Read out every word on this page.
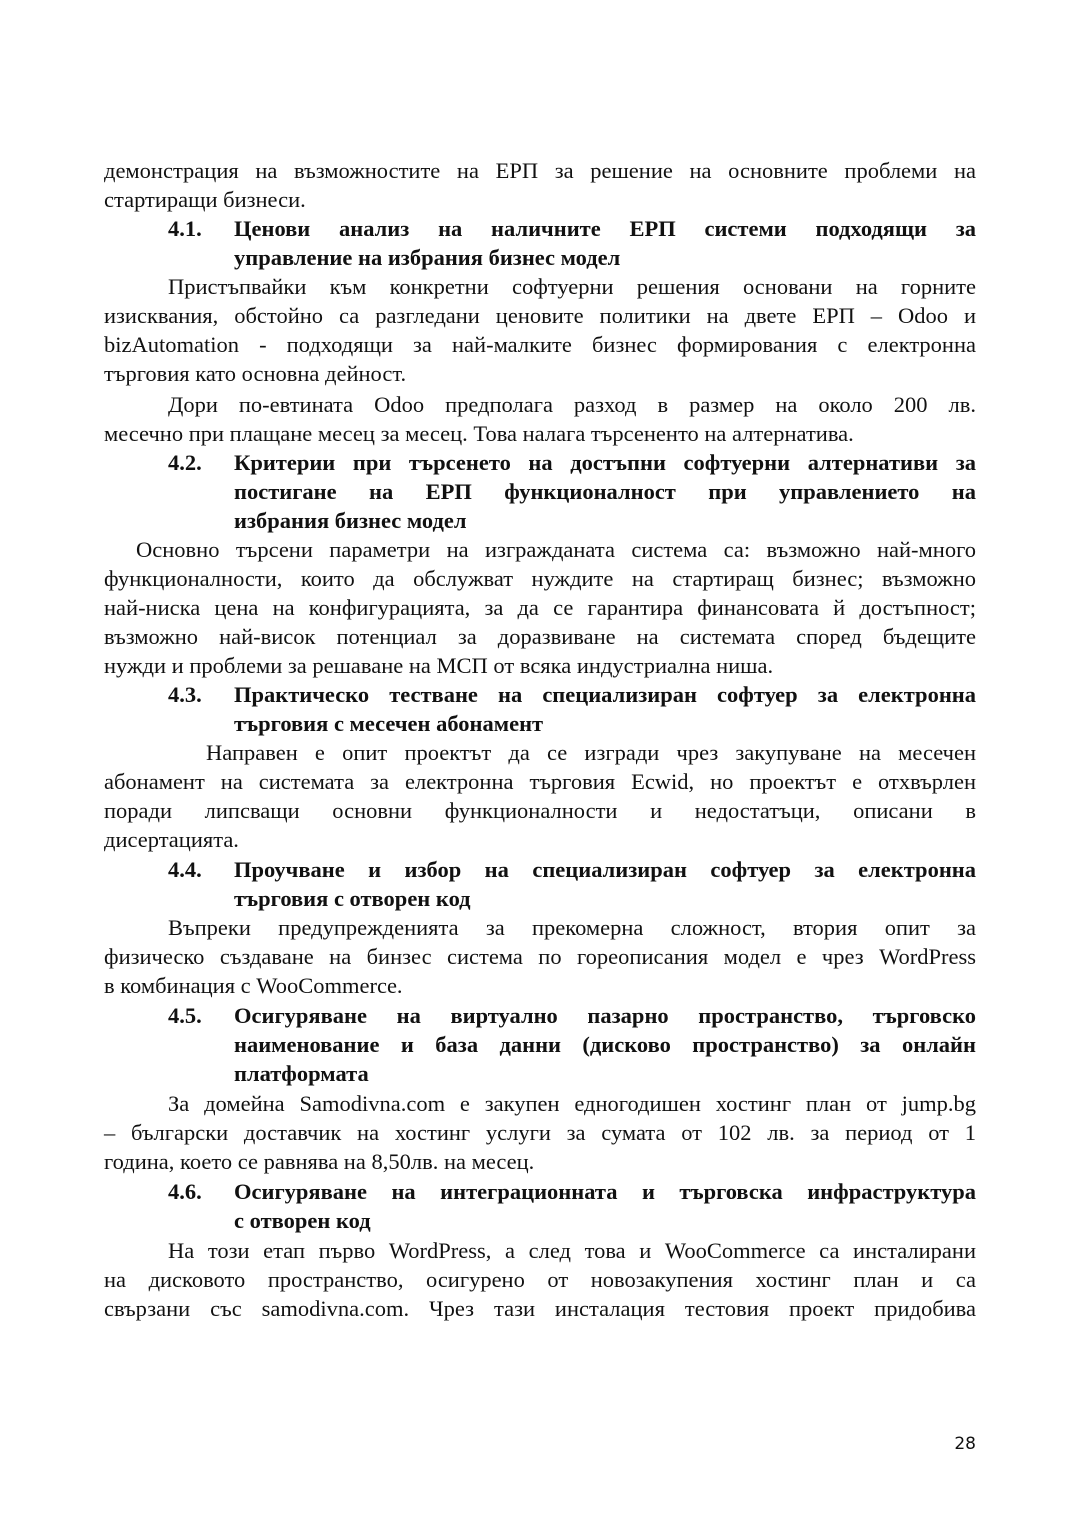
демонстрация на възможностите на ЕРП за решение на основните проблеми на
стартиращи бизнеси.
4.1.	Ценови анализ на наличните ЕРП системи подходящи за
управление на избрания бизнес модел
Пристъпвайки към конкретни софтуерни решения основани на горните
изисквания, обстойно са разгледани ценовите политики на двете ЕРП – Odoo и
bizAutomation - подходящи за най-малките бизнес формирования с електронна
търговия като основна дейност.
Дори по-евтината Odoo предполага разход в размер на около 200 лв.
месечно при плащане месец за месец. Това налага търсененто на алтернатива.
4.2.	Критерии при търсенето на достъпни софтуерни алтернативи за
постигане на ЕРП функционалност при управлението на
избрания бизнес модел
Основно търсени параметри на изгражданата система са: възможно най-много
функционалности, които да обслужват нуждите на стартиращ бизнес; възможно
най-ниска цена на конфигурацията, за да се гарантира финансовата й достъпност;
възможно най-висок потенциал за доразвиване на системата според бъдещите
нужди и проблеми за решаване на МСП от всяка индустриална ниша.
4.3.	Практическо тестване на специализиран софтуер за електронна
търговия с месечен абонамент
Направен е опит проектът да се изгради чрез закупуване на месечен
абонамент на системата за електронна търговия Ecwid, но проектът е отхвърлен
поради липсващи основни функционалности и недостатъци, описани в
дисертацията.
4.4.	Проучване и избор на специализиран софтуер за електронна
търговия с отворен код
Въпреки предупрежденията за прекомерна сложност, втория опит за
физическо създаване на бинзес система по гореописания модел е чрез WordPress
в комбинация с WooCommerce.
4.5.	Осигуряване на виртуално пазарно пространство, търговско
наименование и база данни (дисково пространство) за онлайн
платформата
За домейна Samodivna.com е закупен едногодишен хостинг план от jump.bg
– български доставчик на хостинг услуги за сумата от 102 лв. за период от 1
година, което се равнява на 8,50лв. на месец.
4.6.	Осигуряване на интеграционната и търговска инфраструктура
с отворен код
На този етап първо WordPress, а след това и WooCommerce са инсталирани
на дисковото пространство, осигурено от новозакупения хостинг план и са
свързани със samodivna.com. Чрез тази инсталация тестовия проект придобива
28
